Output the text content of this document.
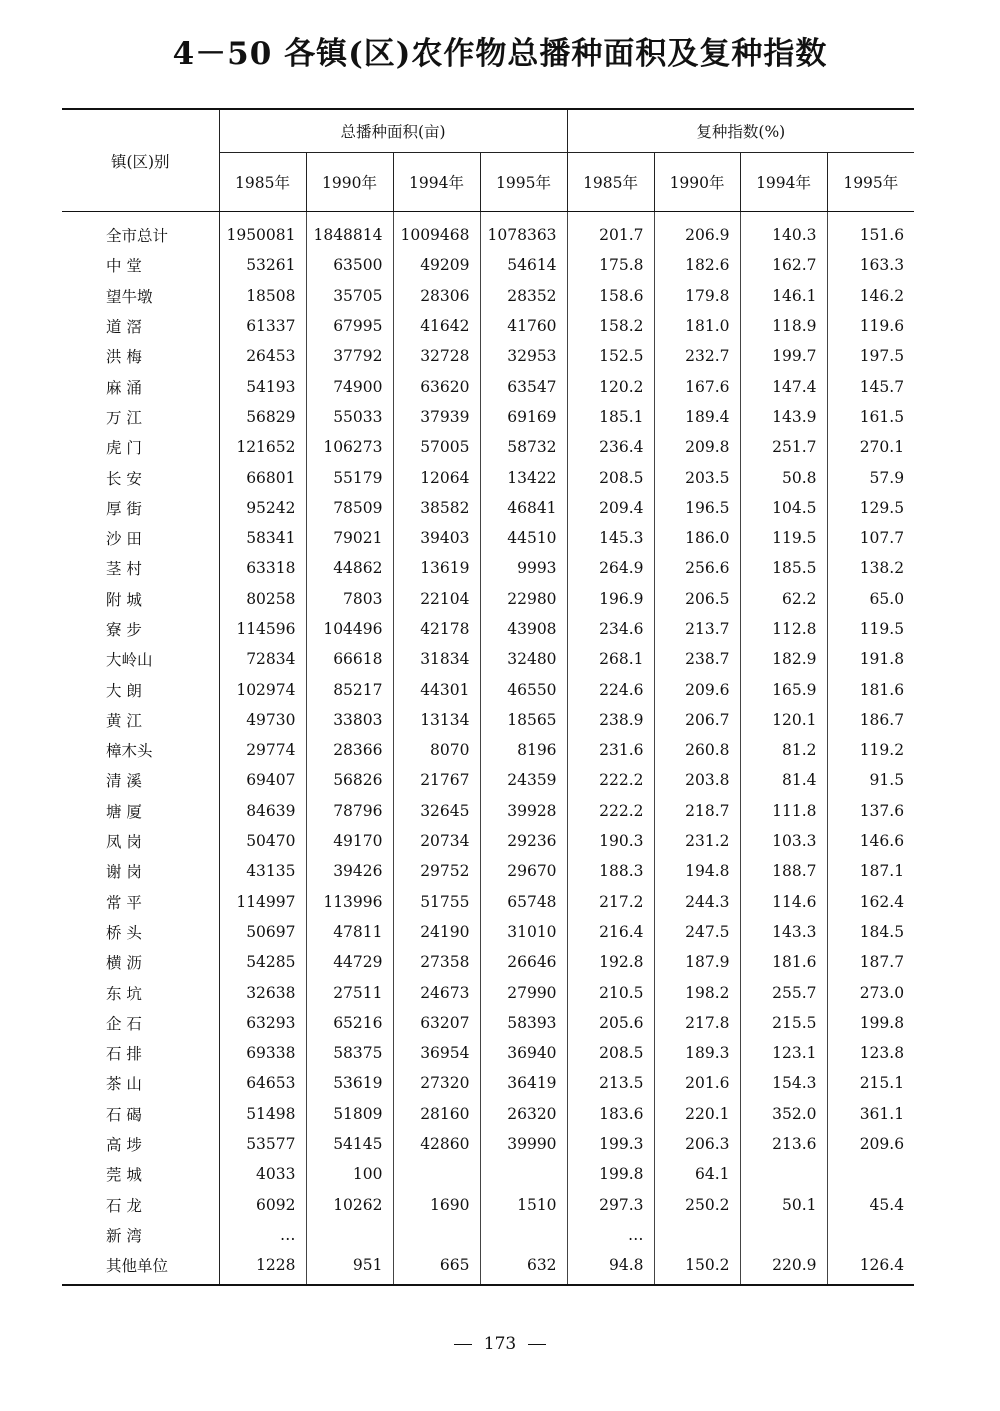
4－50 各镇(区)农作物总播种面积及复种指数
镇(区)别	总播种面积(亩)				复种指数(%)			
	1985年	1990年	1994年	1995年	1985年	1990年	1994年	1995年
全市总计	1950081	1848814	1009468	1078363	201.7	206.9	140.3	151.6
中 堂	53261	63500	49209	54614	175.8	182.6	162.7	163.3
望牛墩	18508	35705	28306	28352	158.6	179.8	146.1	146.2
道 滘	61337	67995	41642	41760	158.2	181.0	118.9	119.6
洪 梅	26453	37792	32728	32953	152.5	232.7	199.7	197.5
麻 涌	54193	74900	63620	63547	120.2	167.6	147.4	145.7
万 江	56829	55033	37939	69169	185.1	189.4	143.9	161.5
虎 门	121652	106273	57005	58732	236.4	209.8	251.7	270.1
长 安	66801	55179	12064	13422	208.5	203.5	50.8	57.9
厚 街	95242	78509	38582	46841	209.4	196.5	104.5	129.5
沙 田	58341	79021	39403	44510	145.3	186.0	119.5	107.7
茎 村	63318	44862	13619	9993	264.9	256.6	185.5	138.2
附 城	80258	7803	22104	22980	196.9	206.5	62.2	65.0
寮 步	114596	104496	42178	43908	234.6	213.7	112.8	119.5
大岭山	72834	66618	31834	32480	268.1	238.7	182.9	191.8
大 朗	102974	85217	44301	46550	224.6	209.6	165.9	181.6
黄 江	49730	33803	13134	18565	238.9	206.7	120.1	186.7
樟木头	29774	28366	8070	8196	231.6	260.8	81.2	119.2
清 溪	69407	56826	21767	24359	222.2	203.8	81.4	91.5
塘 厦	84639	78796	32645	39928	222.2	218.7	111.8	137.6
凤 岗	50470	49170	20734	29236	190.3	231.2	103.3	146.6
谢 岗	43135	39426	29752	29670	188.3	194.8	188.7	187.1
常 平	114997	113996	51755	65748	217.2	244.3	114.6	162.4
桥 头	50697	47811	24190	31010	216.4	247.5	143.3	184.5
横 沥	54285	44729	27358	26646	192.8	187.9	181.6	187.7
东 坑	32638	27511	24673	27990	210.5	198.2	255.7	273.0
企 石	63293	65216	63207	58393	205.6	217.8	215.5	199.8
石 排	69338	58375	36954	36940	208.5	189.3	123.1	123.8
茶 山	64653	53619	27320	36419	213.5	201.6	154.3	215.1
石 碣	51498	51809	28160	26320	183.6	220.1	352.0	361.1
高 埗	53577	54145	42860	39990	199.3	206.3	213.6	209.6
莞 城	4033	100			199.8	64.1		
石 龙	6092	10262	1690	1510	297.3	250.2	50.1	45.4
新 湾	…				…			
其他单位	1228	951	665	632	94.8	150.2	220.9	126.4
173
